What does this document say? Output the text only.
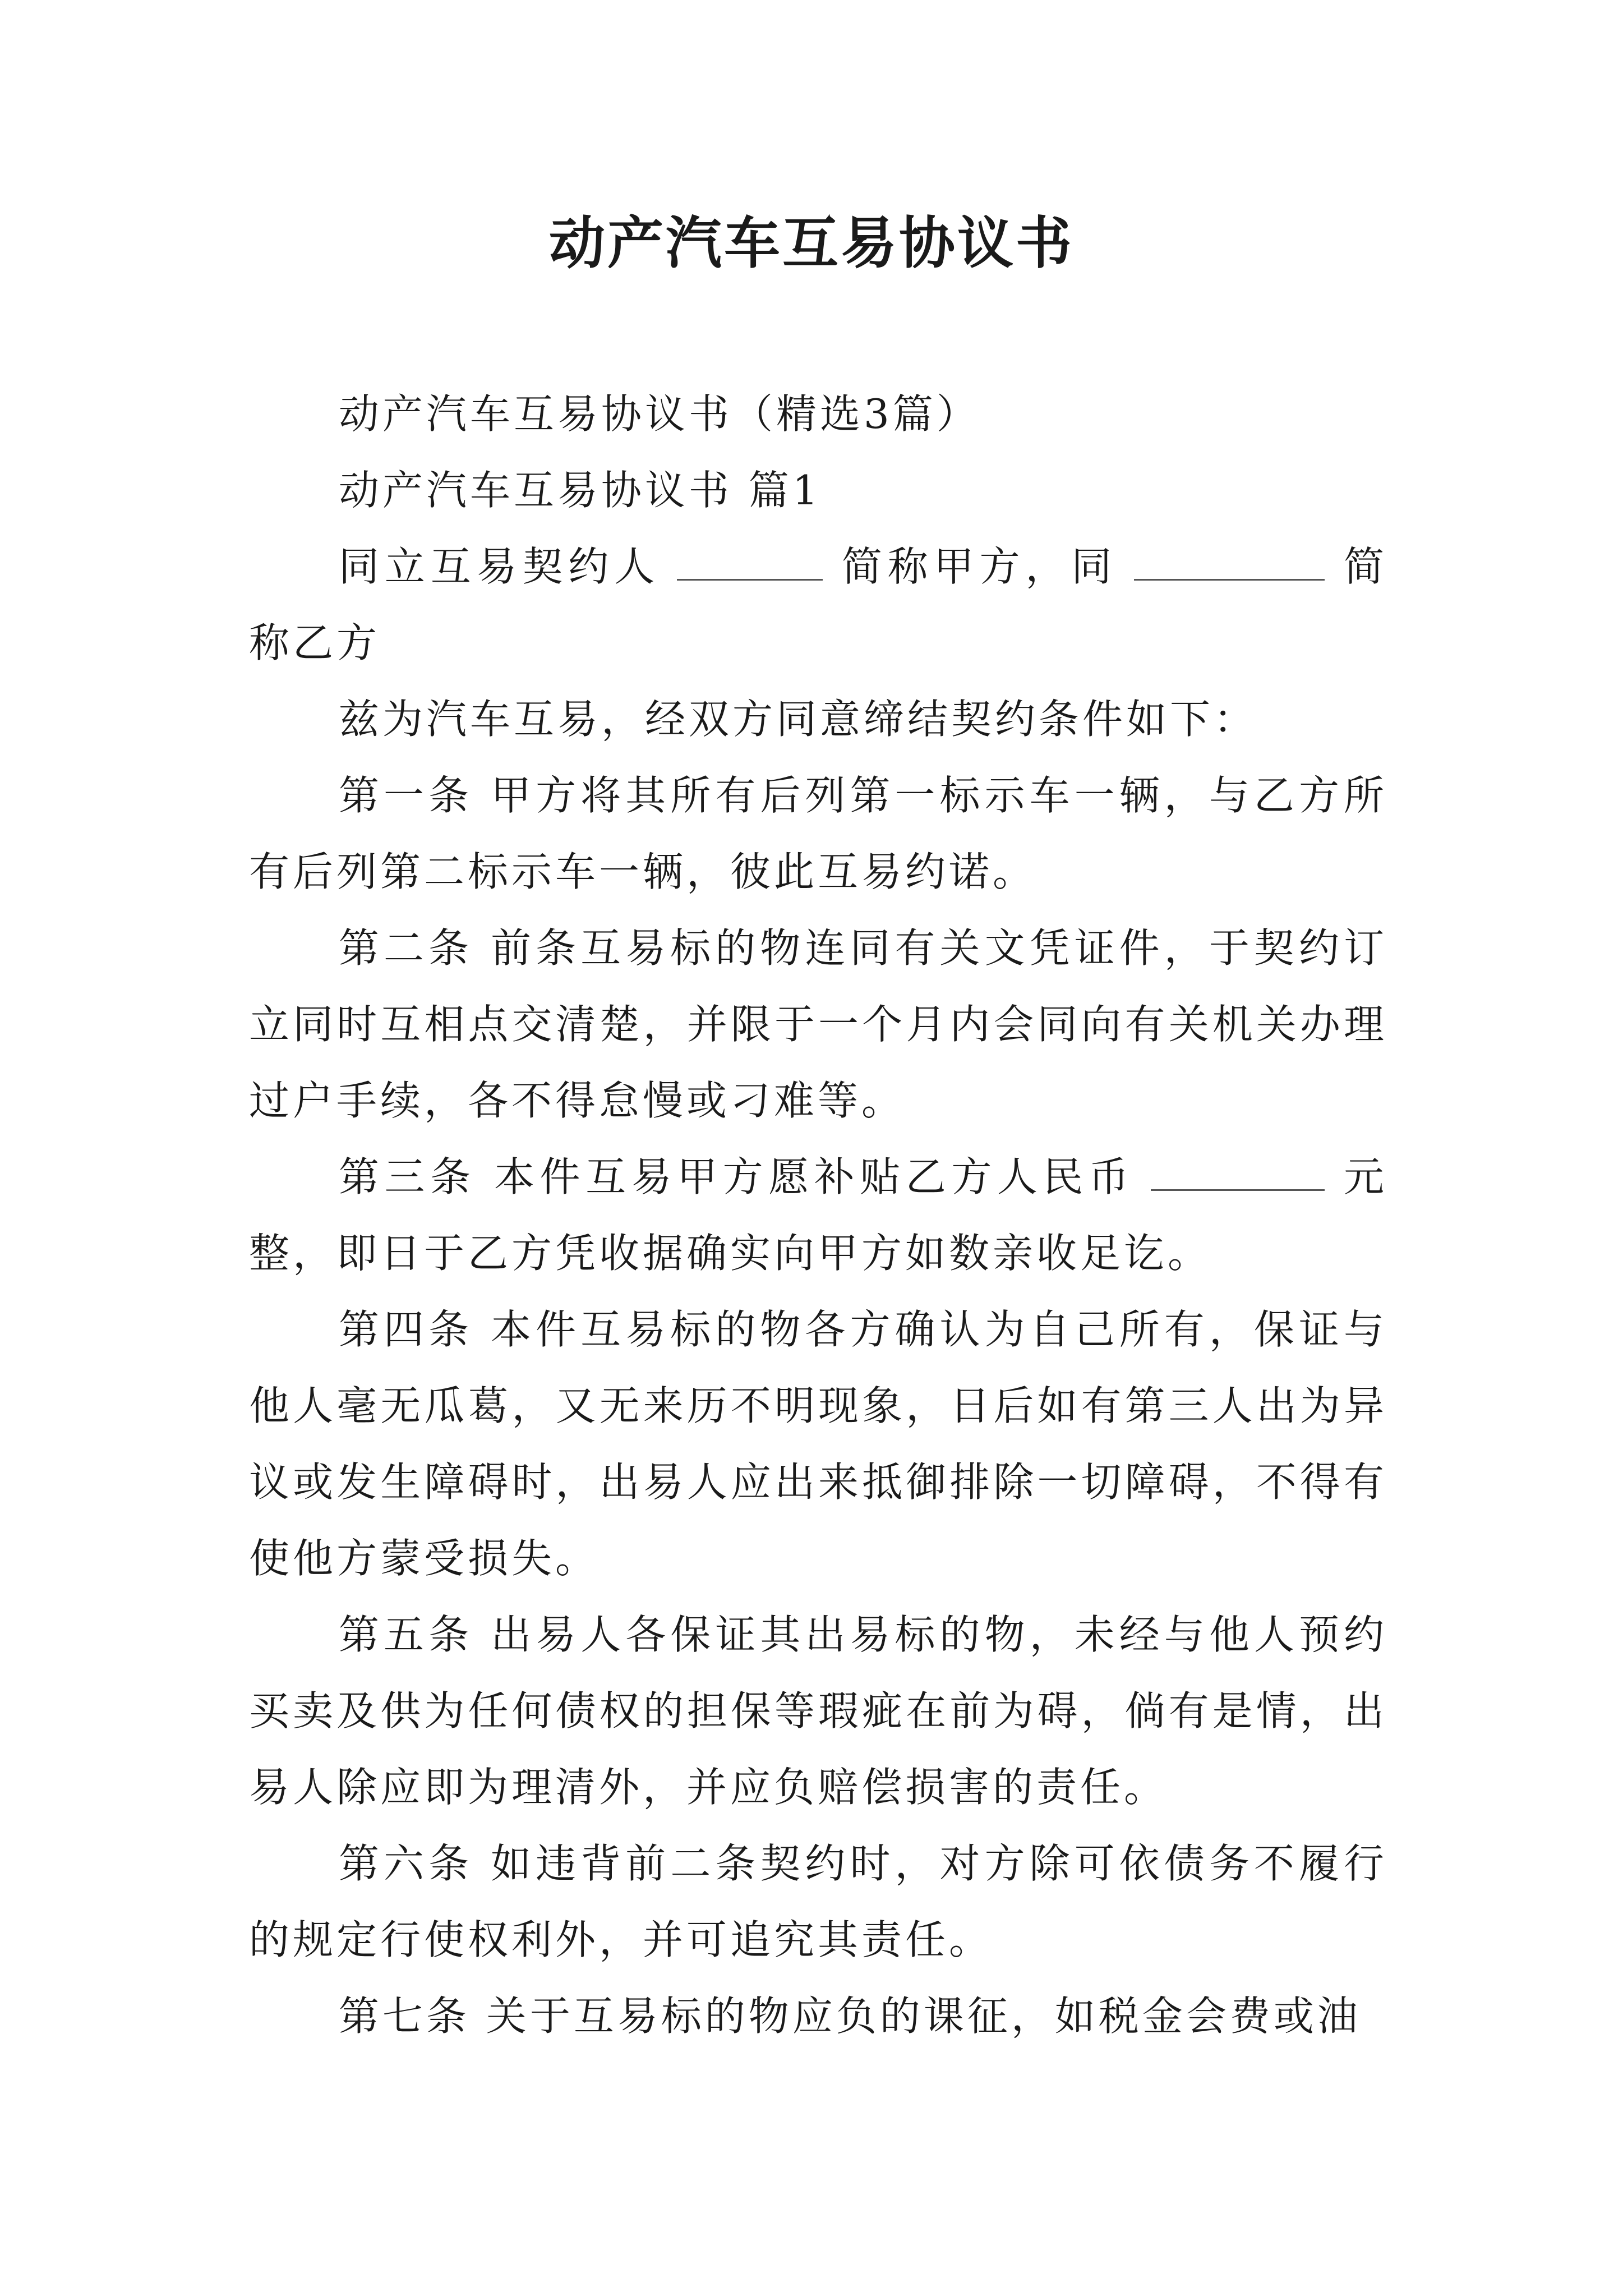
动产汽车互易协议书

动产汽车互易协议书（精选3篇）

动产汽车互易协议书 篇1

同立互易契约人	简称甲方，同	简称乙方

兹为汽车互易，经双方同意缔结契约条件如下：

第一条 甲方将其所有后列第一标示车一辆，与乙方所有后列第二标示车一辆，彼此互易约诺。

第二条 前条互易标的物连同有关文凭证件，于契约订立同时互相点交清楚，并限于一个月内会同向有关机关办理过户手续，各不得怠慢或刁难等。

第三条 本件互易甲方愿补贴乙方人民币	元整，即日于乙方凭收据确实向甲方如数亲收足讫。

第四条 本件互易标的物各方确认为自己所有，保证与他人毫无瓜葛，又无来历不明现象，日后如有第三人出为异议或发生障碍时，出易人应出来抵御排除一切障碍，不得有使他方蒙受损失。

第五条 出易人各保证其出易标的物，未经与他人预约买卖及供为任何债权的担保等瑕疵在前为碍，倘有是情，出易人除应即为理清外，并应负赔偿损害的责任。

第六条 如违背前二条契约时，对方除可依债务不履行的规定行使权利外，并可追究其责任。

第七条 关于互易标的物应负的课征，如税金会费或油
